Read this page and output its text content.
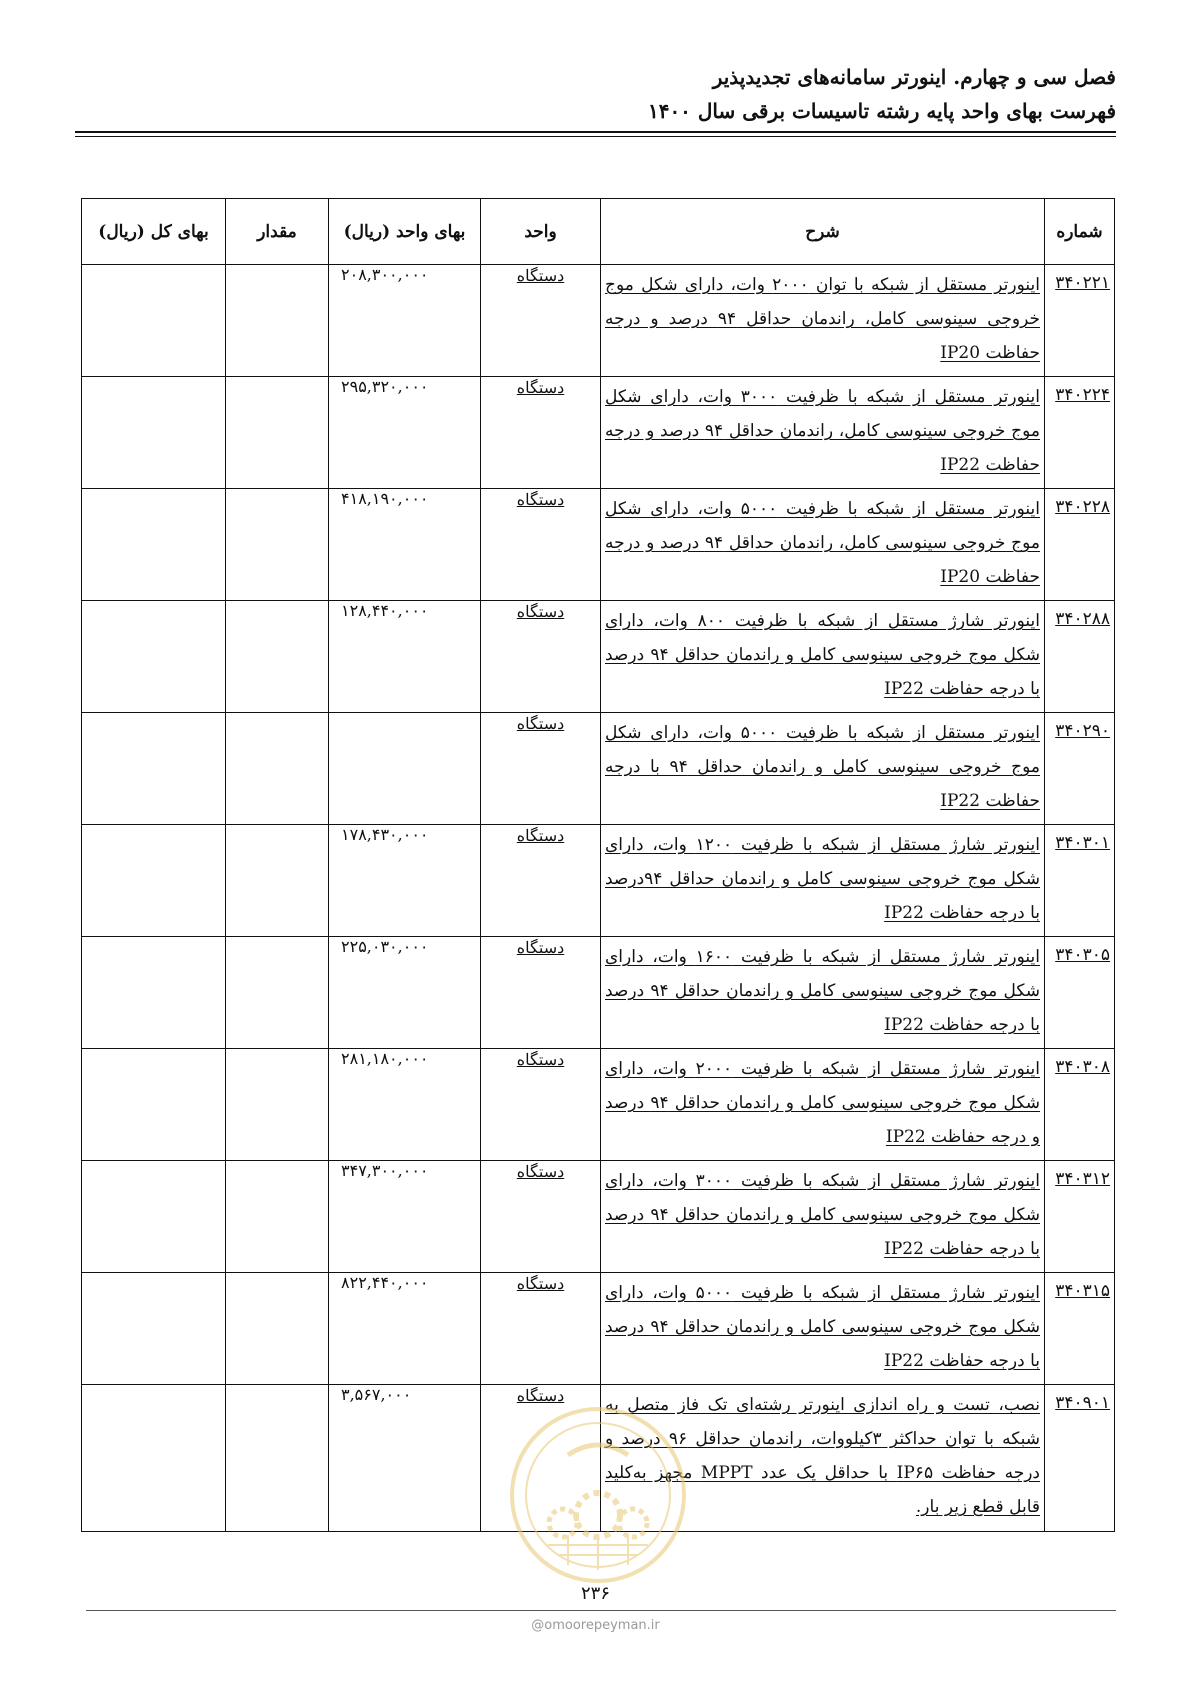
فصل سی و چهارم. اینورتر سامانه‌های تجدیدپذیر
فهرست بهای واحد پایه رشته تاسیسات برقی سال ۱۴۰۰
شماره	شرح	واحد	بهای واحد (ریال)	مقدار	بهای کل (ریال)
۳۴۰۲۲۱	اینورتر مستقل از شبکه با توان ۲۰۰۰ وات، دارای شکل موج خروجی سینوسی کامل، راندمان حداقل ۹۴ درصد و درجه حفاظت IP20	دستگاه	۲۰۸,۳۰۰,۰۰۰		
۳۴۰۲۲۴	اینورتر مستقل از شبکه با ظرفیت ۳۰۰۰ وات، دارای شکل موج خروجی سینوسی کامل، راندمان حداقل ۹۴ درصد و درجه حفاظت IP22	دستگاه	۲۹۵,۳۲۰,۰۰۰		
۳۴۰۲۲۸	اینورتر مستقل از شبکه با ظرفیت ۵۰۰۰ وات، دارای شکل موج خروجی سینوسی کامل، راندمان حداقل ۹۴ درصد و درجه حفاظت IP20	دستگاه	۴۱۸,۱۹۰,۰۰۰		
۳۴۰۲۸۸	اینورتر شارژ مستقل از شبکه با ظرفیت ۸۰۰ وات، دارای شکل موج خروجی سینوسی کامل و راندمان حداقل ۹۴ درصد با درجه حفاظت IP22	دستگاه	۱۲۸,۴۴۰,۰۰۰		
۳۴۰۲۹۰	اینورتر مستقل از شبکه با ظرفیت ۵۰۰۰ وات، دارای شکل موج خروجی سینوسی کامل و راندمان حداقل ۹۴ با درجه حفاظت IP22	دستگاه			
۳۴۰۳۰۱	اینورتر شارژ مستقل از شبکه با ظرفیت ۱۲۰۰ وات، دارای شکل موج خروجی سینوسی کامل و راندمان حداقل ۹۴درصد با درجه حفاظت IP22	دستگاه	۱۷۸,۴۳۰,۰۰۰		
۳۴۰۳۰۵	اینورتر شارژ مستقل از شبکه با ظرفیت ۱۶۰۰ وات، دارای شکل موج خروجی سینوسی کامل و راندمان حداقل ۹۴ درصد با درجه حفاظت IP22	دستگاه	۲۲۵,۰۳۰,۰۰۰		
۳۴۰۳۰۸	اینورتر شارژ مستقل از شبکه با ظرفیت ۲۰۰۰ وات، دارای شکل موج خروجی سینوسی کامل و راندمان حداقل ۹۴ درصد و درجه حفاظت IP22	دستگاه	۲۸۱,۱۸۰,۰۰۰		
۳۴۰۳۱۲	اینورتر شارژ مستقل از شبکه با ظرفیت ۳۰۰۰ وات، دارای شکل موج خروجی سینوسی کامل و راندمان حداقل ۹۴ درصد با درجه حفاظت IP22	دستگاه	۳۴۷,۳۰۰,۰۰۰		
۳۴۰۳۱۵	اینورتر شارژ مستقل از شبکه با ظرفیت ۵۰۰۰ وات، دارای شکل موج خروجی سینوسی کامل و راندمان حداقل ۹۴ درصد با درجه حفاظت IP22	دستگاه	۸۲۲,۴۴۰,۰۰۰		
۳۴۰۹۰۱	نصب، تست و راه اندازی اینورتر رشته‌ای تک فاز متصل به شبکه با توان حداکثر ۳کیلووات، راندمان حداقل ۹۶ درصد و درجه حفاظت IP۶۵ با حداقل یک عدد MPPT مجهز به‌کلید قابل قطع زیر بار.	دستگاه	۳,۵۶۷,۰۰۰		
۲۳۶
@omoorepeyman.ir
